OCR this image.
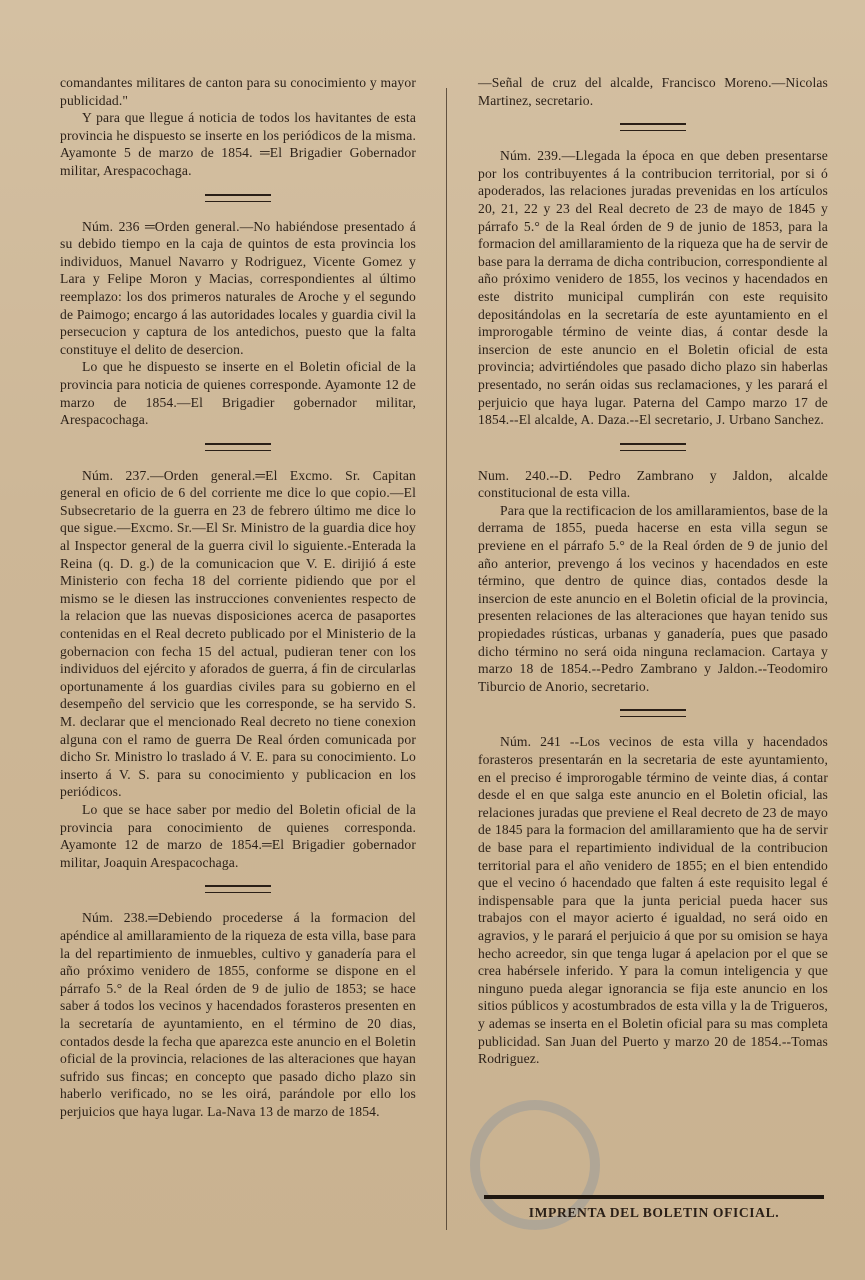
comandantes militares de canton para su conocimiento y mayor publicidad."

Y para que llegue á noticia de todos los havitantes de esta provincia he dispuesto se inserte en los periódicos de la misma. Ayamonte 5 de marzo de 1854. ═El Brigadier Gobernador militar, Arespacochaga.

Núm. 236 ═Orden general.—No habiéndose presentado á su debido tiempo en la caja de quintos de esta provincia los individuos, Manuel Navarro y Rodriguez, Vicente Gomez y Lara y Felipe Moron y Macias, correspondientes al último reemplazo: los dos primeros naturales de Aroche y el segundo de Paimogo; encargo á las autoridades locales y guardia civil la persecucion y captura de los antedichos, puesto que la falta constituye el delito de desercion.

Lo que he dispuesto se inserte en el Boletin oficial de la provincia para noticia de quienes corresponde. Ayamonte 12 de marzo de 1854.—El Brigadier gobernador militar, Arespacochaga.

Núm. 237.—Orden general.═El Excmo. Sr. Capitan general en oficio de 6 del corriente me dice lo que copio.—El Subsecretario de la guerra en 23 de febrero último me dice lo que sigue.—Excmo. Sr.—El Sr. Ministro de la guardia dice hoy al Inspector general de la guerra civil lo siguiente.-Enterada la Reina (q. D. g.) de la comunicacion que V. E. dirijió á este Ministerio con fecha 18 del corriente pidiendo que por el mismo se le diesen las instrucciones convenientes respecto de la relacion que las nuevas disposiciones acerca de pasaportes contenidas en el Real decreto publicado por el Ministerio de la gobernacion con fecha 15 del actual, pudieran tener con los individuos del ejército y aforados de guerra, á fin de circularlas oportunamente á los guardias civiles para su gobierno en el desempeño del servicio que les corresponde, se ha servido S. M. declarar que el mencionado Real decreto no tiene conexion alguna con el ramo de guerra De Real órden comunicada por dicho Sr. Ministro lo traslado á V. E. para su conocimiento. Lo inserto á V. S. para su conocimiento y publicacion en los periódicos.

Lo que se hace saber por medio del Boletin oficial de la provincia para conocimiento de quienes corresponda. Ayamonte 12 de marzo de 1854.═El Brigadier gobernador militar, Joaquin Arespacochaga.

Núm. 238.═Debiendo procederse á la formacion del apéndice al amillaramiento de la riqueza de esta villa, base para la del repartimiento de inmuebles, cultivo y ganadería para el año próximo venidero de 1855, conforme se dispone en el párrafo 5.° de la Real órden de 9 de julio de 1853; se hace saber á todos los vecinos y hacendados forasteros presenten en la secretaría de ayuntamiento, en el término de 20 dias, contados desde la fecha que aparezca este anuncio en el Boletin oficial de la provincia, relaciones de las alteraciones que hayan sufrido sus fincas; en concepto que pasado dicho plazo sin haberlo verificado, no se les oirá, parándole por ello los perjuicios que haya lugar. La-Nava 13 de marzo de 1854.

—Señal de cruz del alcalde, Francisco Moreno.—Nicolas Martinez, secretario.

Núm. 239.—Llegada la época en que deben presentarse por los contribuyentes á la contribucion territorial, por si ó apoderados, las relaciones juradas prevenidas en los artículos 20, 21, 22 y 23 del Real decreto de 23 de mayo de 1845 y párrafo 5.° de la Real órden de 9 de junio de 1853, para la formacion del amillaramiento de la riqueza que ha de servir de base para la derrama de dicha contribucion, correspondiente al año próximo venidero de 1855, los vecinos y hacendados en este distrito municipal cumplirán con este requisito depositándolas en la secretaría de este ayuntamiento en el improrogable término de veinte dias, á contar desde la insercion de este anuncio en el Boletin oficial de esta provincia; advirtiéndoles que pasado dicho plazo sin haberlas presentado, no serán oidas sus reclamaciones, y les parará el perjuicio que haya lugar. Paterna del Campo marzo 17 de 1854.--El alcalde, A. Daza.--El secretario, J. Urbano Sanchez.

Num. 240.--D. Pedro Zambrano y Jaldon, alcalde constitucional de esta villa.

Para que la rectificacion de los amillaramientos, base de la derrama de 1855, pueda hacerse en esta villa segun se previene en el párrafo 5.° de la Real órden de 9 de junio del año anterior, prevengo á los vecinos y hacendados en este término, que dentro de quince dias, contados desde la insercion de este anuncio en el Boletin oficial de la provincia, presenten relaciones de las alteraciones que hayan tenido sus propiedades rústicas, urbanas y ganadería, pues que pasado dicho término no será oida ninguna reclamacion. Cartaya y marzo 18 de 1854.--Pedro Zambrano y Jaldon.--Teodomiro Tiburcio de Anorio, secretario.

Núm. 241 --Los vecinos de esta villa y hacendados forasteros presentarán en la secretaria de este ayuntamiento, en el preciso é improrogable término de veinte dias, á contar desde el en que salga este anuncio en el Boletin oficial, las relaciones juradas que previene el Real decreto de 23 de mayo de 1845 para la formacion del amillaramiento que ha de servir de base para el repartimiento individual de la contribucion territorial para el año venidero de 1855; en el bien entendido que el vecino ó hacendado que falten á este requisito legal é indispensable para que la junta pericial pueda hacer sus trabajos con el mayor acierto é igualdad, no será oido en agravios, y le parará el perjuicio á que por su omision se haya hecho acreedor, sin que tenga lugar á apelacion por el que se crea habérsele inferido. Y para la comun inteligencia y que ninguno pueda alegar ignorancia se fija este anuncio en los sitios públicos y acostumbrados de esta villa y la de Trigueros, y ademas se inserta en el Boletin oficial para su mas completa publicidad. San Juan del Puerto y marzo 20 de 1854.--Tomas Rodriguez.

IMPRENTA DEL BOLETIN OFICIAL.
